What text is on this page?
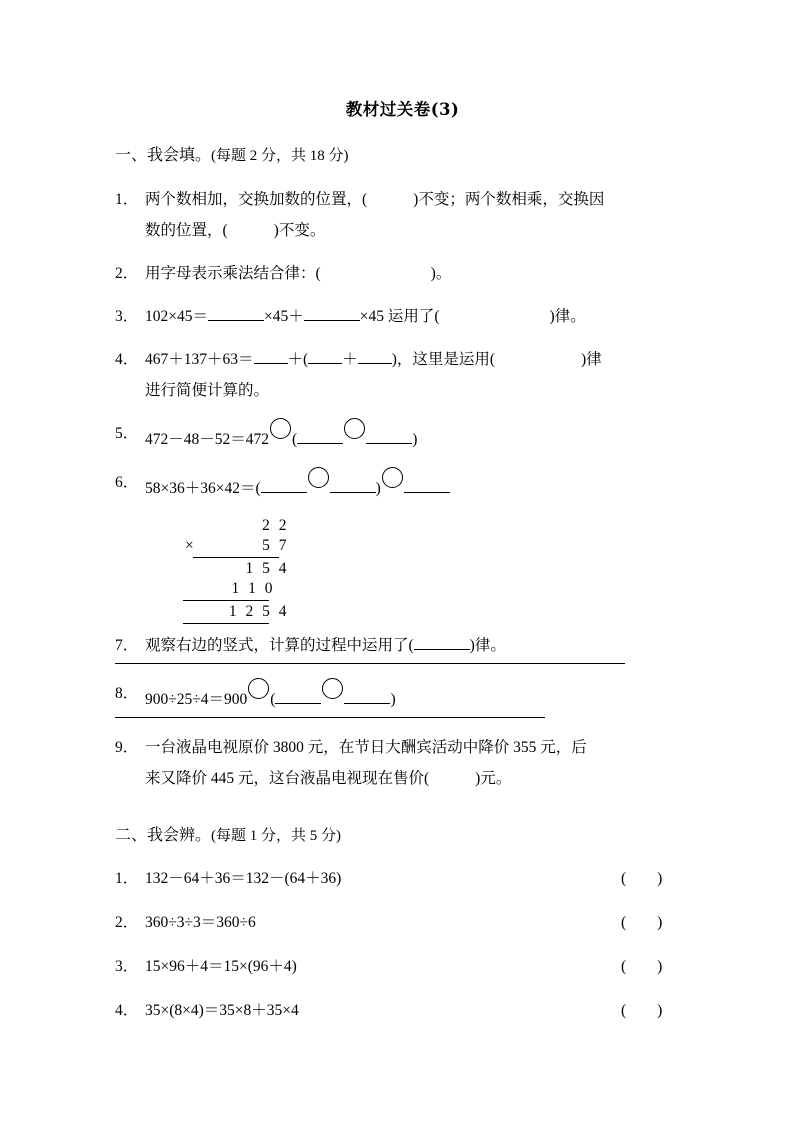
教材过关卷(3)
一、我会填。(每题 2 分，共 18 分)
1． 两个数相加，交换加数的位置，(	)不变；两个数相乘，交换因
数的位置，(	)不变。
2． 用字母表示乘法结合律：(	)。
3． 102×45＝	×45＋	×45 运用了(	)律。
4． 467＋137＋63＝ ＋( ＋ )，这里是运用(	)律
进行简便计算的。
5． 472－48－52＝472 (	)
6． 58×36＋36×42＝(	)
2 2
×	5 7
1 5 4
1 1 0
1 2 5 4
7． 观察右边的竖式，计算的过程中运用了(	)律。
8． 900÷25÷4＝900 (	)
9． 一台液晶电视原价 3800 元，在节日大酬宾活动中降价 355 元，后
来又降价 445 元，这台液晶电视现在售价(	)元。
二、我会辨。(每题 1 分，共 5 分)
1． 132－64＋36＝132－(64＋36)	(        )
2． 360÷3÷3＝360÷6	(        )
3． 15×96＋4＝15×(96＋4)	(        )
4． 35×(8×4)＝35×8＋35×4	(        )
